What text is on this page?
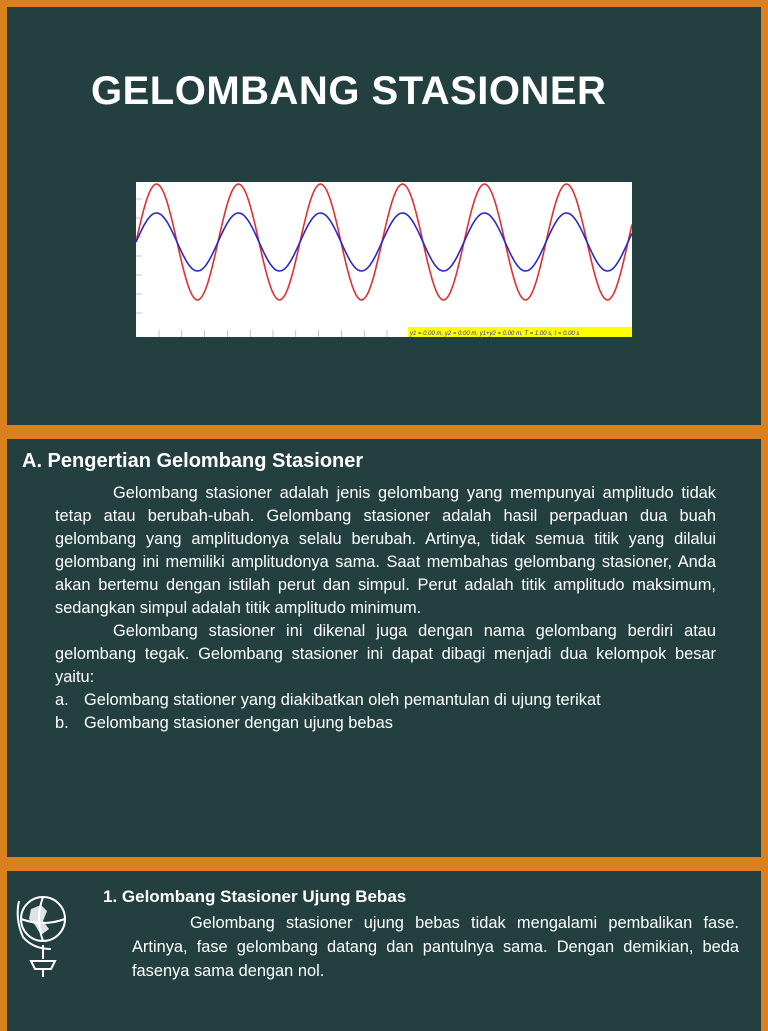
GELOMBANG STASIONER
y1 = 0.00 m, y2 = 0.00 m, y1+y2 = 0.00 m, T = 1.00 s, t = 0.00 s
A. Pengertian Gelombang Stasioner

Gelombang stasioner adalah jenis gelombang yang mempunyai amplitudo tidak tetap atau berubah-ubah. Gelombang stasioner adalah hasil perpaduan dua buah gelombang yang amplitudonya selalu berubah. Artinya, tidak semua titik yang dilalui gelombang ini memiliki amplitudonya sama. Saat membahas gelombang stasioner, Anda akan bertemu dengan istilah perut dan simpul. Perut adalah titik amplitudo maksimum, sedangkan simpul adalah titik amplitudo minimum.

Gelombang stasioner ini dikenal juga dengan nama gelombang berdiri atau gelombang tegak. Gelombang stasioner ini dapat dibagi menjadi dua kelompok besar yaitu:

a. Gelombang stationer yang diakibatkan oleh pemantulan di ujung terikat

b. Gelombang stasioner dengan ujung bebas

1. Gelombang Stasioner Ujung Bebas

Gelombang stasioner ujung bebas tidak mengalami pembalikan fase. Artinya, fase gelombang datang dan pantulnya sama. Dengan demikian, beda fasenya sama dengan nol.
